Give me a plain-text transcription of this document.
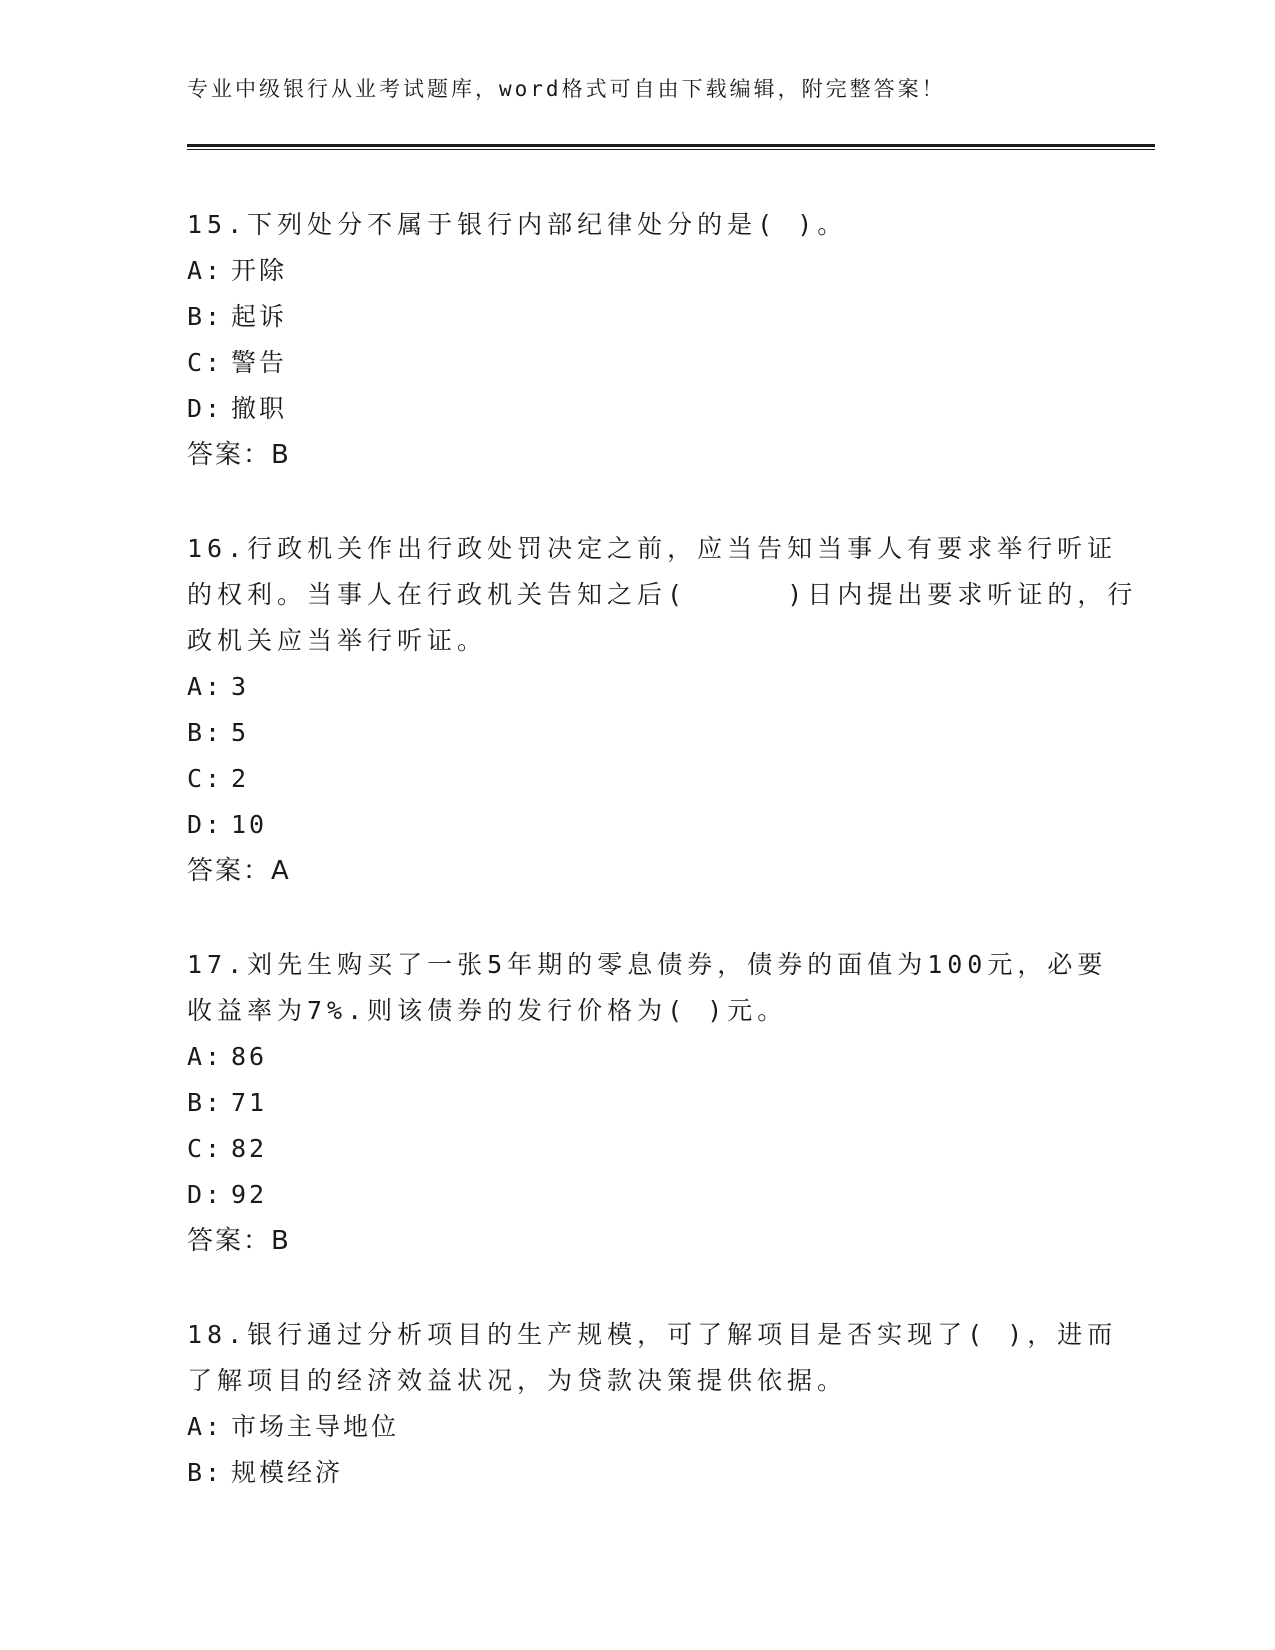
专业中级银行从业考试题库，word格式可自由下载编辑，附完整答案！
15.下列处分不属于银行内部纪律处分的是( )。
A: 开除
B: 起诉
C: 警告
D: 撤职
答案：B
16.行政机关作出行政处罚决定之前，应当告知当事人有要求举行听证
的权利。当事人在行政机关告知之后(     )日内提出要求听证的，行
政机关应当举行听证。
A: 3
B: 5
C: 2
D: 10
答案：A
17.刘先生购买了一张5年期的零息债券，债券的面值为100元，必要
收益率为7%.则该债券的发行价格为( )元。
A: 86
B: 71
C: 82
D: 92
答案：B
18.银行通过分析项目的生产规模，可了解项目是否实现了( )，进而
了解项目的经济效益状况，为贷款决策提供依据。
A: 市场主导地位
B: 规模经济
